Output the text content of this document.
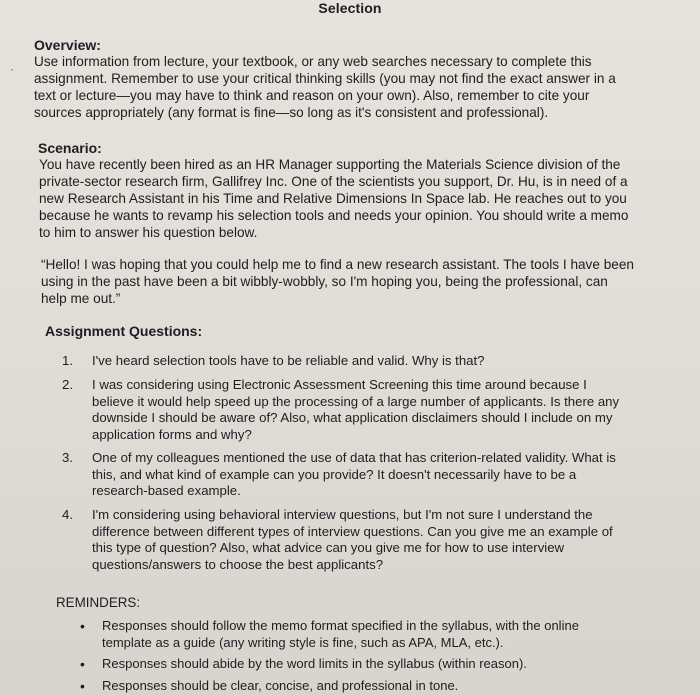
Selection
·
Overview:
Use information from lecture, your textbook, or any web searches necessary to complete this assignment. Remember to use your critical thinking skills (you may not find the exact answer in a text or lecture—you may have to think and reason on your own). Also, remember to cite your sources appropriately (any format is fine—so long as it's consistent and professional).
Scenario:
You have recently been hired as an HR Manager supporting the Materials Science division of the private-sector research firm, Gallifrey Inc. One of the scientists you support, Dr. Hu, is in need of a new Research Assistant in his Time and Relative Dimensions In Space lab. He reaches out to you because he wants to revamp his selection tools and needs your opinion. You should write a memo to him to answer his question below.
“Hello! I was hoping that you could help me to find a new research assistant. The tools I have been using in the past have been a bit wibbly-wobbly, so I'm hoping you, being the professional, can help me out.”
Assignment Questions:
1.	I've heard selection tools have to be reliable and valid. Why is that?
2.	I was considering using Electronic Assessment Screening this time around because I believe it would help speed up the processing of a large number of applicants. Is there any downside I should be aware of? Also, what application disclaimers should I include on my application forms and why?
3.	One of my colleagues mentioned the use of data that has criterion-related validity. What is this, and what kind of example can you provide? It doesn't necessarily have to be a research-based example.
4.	I'm considering using behavioral interview questions, but I'm not sure I understand the difference between different types of interview questions. Can you give me an example of this type of question? Also, what advice can you give me for how to use interview questions/answers to choose the best applicants?
REMINDERS:
• Responses should follow the memo format specified in the syllabus, with the online template as a guide (any writing style is fine, such as APA, MLA, etc.).
• Responses should abide by the word limits in the syllabus (within reason).
• Responses should be clear, concise, and professional in tone.
